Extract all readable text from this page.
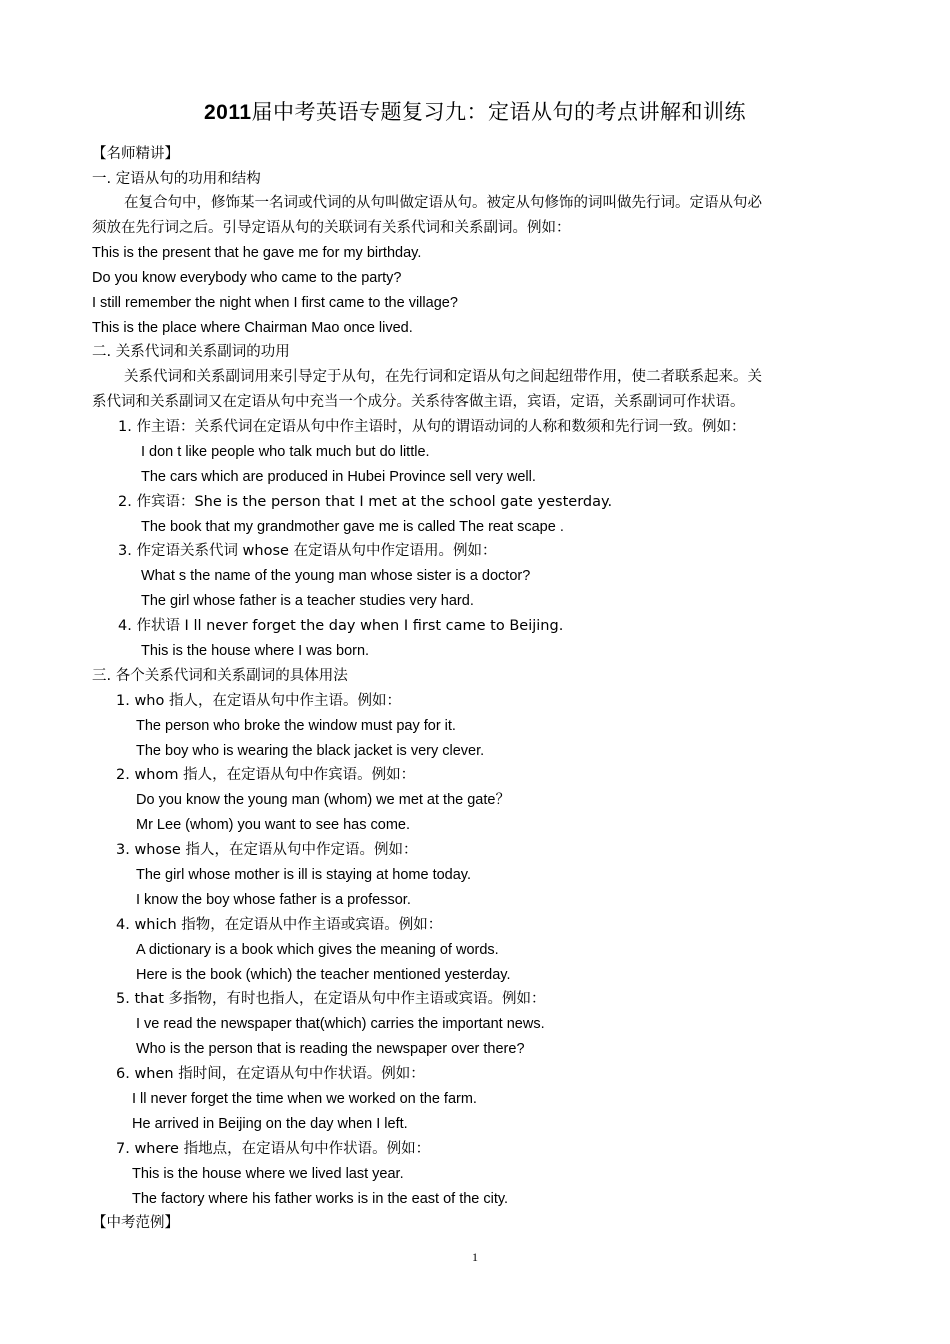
2011届中考英语专题复习九：定语从句的考点讲解和训练
【名师精讲】
一. 定语从句的功用和结构
在复合句中，修饰某一名词或代词的从句叫做定语从句。被定从句修饰的词叫做先行词。定语从句必
须放在先行词之后。引导定语从句的关联词有关系代词和关系副词。例如：
This is the present that he gave me for my birthday.
Do you know everybody who came to the party?
I still remember the night when I first came to the village?
This is the place where Chairman Mao once lived.
二. 关系代词和关系副词的功用
关系代词和关系副词用来引导定于从句，在先行词和定语从句之间起纽带作用，使二者联系起来。关
系代词和关系副词又在定语从句中充当一个成分。关系待客做主语，宾语，定语，关系副词可作状语。
1. 作主语：关系代词在定语从句中作主语时，从句的谓语动词的人称和数须和先行词一致。例如：
I don t like people who talk much but do little.
The cars which are produced in Hubei Province sell very well.
2. 作宾语：She is the person that I met at the school gate yesterday.
The book that my grandmother gave me is called The reat scape .
3. 作定语关系代词 whose 在定语从句中作定语用。例如：
What s the name of the young man whose sister is a doctor?
The girl whose father is a teacher studies very hard.
4. 作状语 I ll never forget the day when I first came to Beijing.
This is the house where I was born.
三. 各个关系代词和关系副词的具体用法
1. who 指人，在定语从句中作主语。例如：
The person who broke the window must pay for it.
The boy who is wearing the black jacket is very clever.
2. whom 指人，在定语从句中作宾语。例如：
Do you know the young man (whom) we met at the gate？
Mr Lee (whom) you want to see has come.
3. whose 指人，在定语从句中作定语。例如：
The girl whose mother is ill is staying at home today.
I know the boy whose father is a professor.
4. which 指物，在定语从中作主语或宾语。例如：
A dictionary is a book which gives the meaning of words.
Here is the book (which) the teacher mentioned yesterday.
5. that 多指物，有时也指人，在定语从句中作主语或宾语。例如：
I ve read the newspaper that(which) carries the important news.
Who is the person that is reading the newspaper over there?
6. when 指时间，在定语从句中作状语。例如：
I ll never forget the time when we worked on the farm.
He arrived in Beijing on the day when I left.
7. where 指地点，在定语从句中作状语。例如：
This is the house where we lived last year.
The factory where his father works is in the east of the city.
【中考范例】
1
